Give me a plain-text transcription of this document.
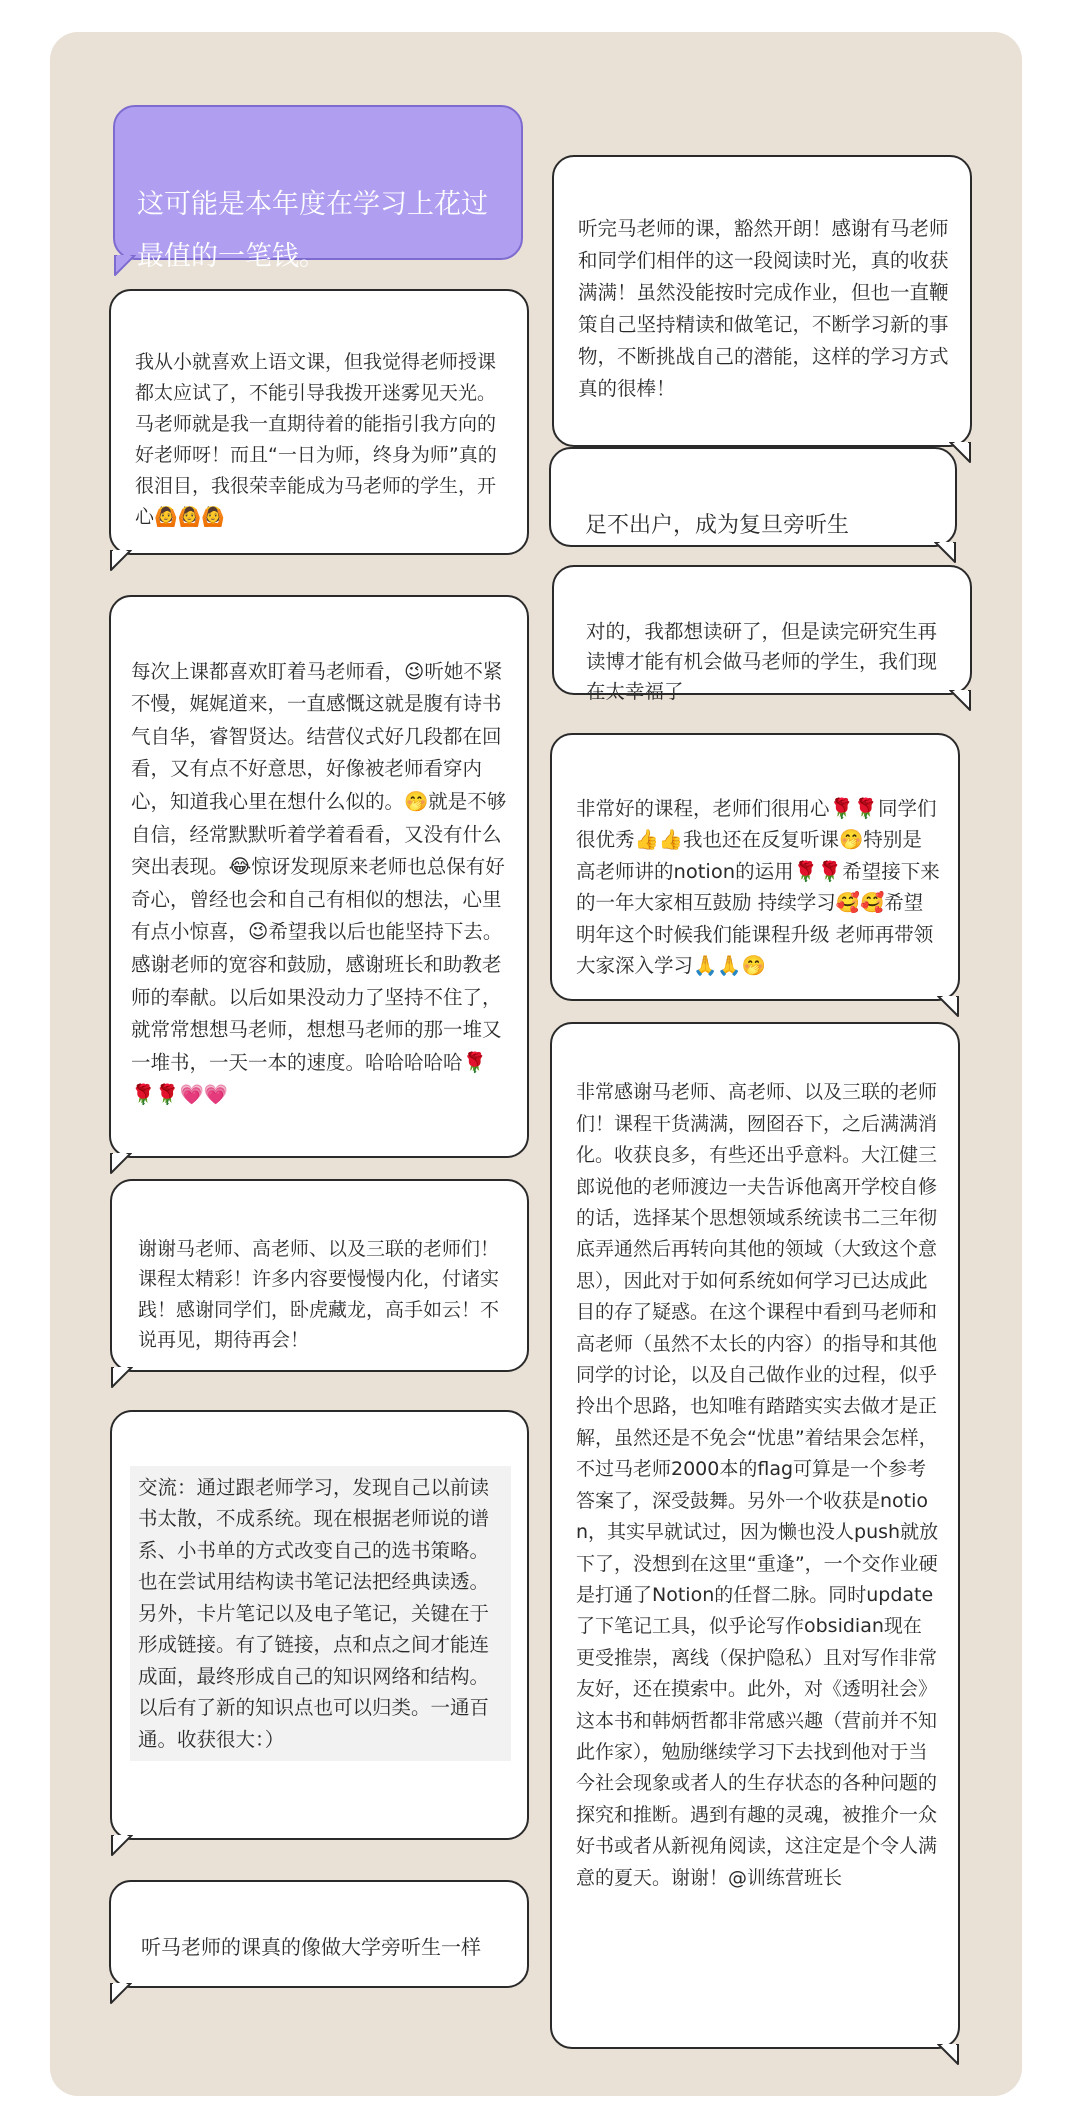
这可能是本年度在学习上花过最值的一笔钱。

我从小就喜欢上语文课，但我觉得老师授课都太应试了，不能引导我拨开迷雾见天光。马老师就是我一直期待着的能指引我方向的好老师呀！而且“一日为师，终身为师”真的很泪目，我很荣幸能成为马老师的学生，开心🙆🙆🙆

每次上课都喜欢盯着马老师看，😉听她不紧不慢，娓娓道来，一直感慨这就是腹有诗书气自华，睿智贤达。结营仪式好几段都在回看，又有点不好意思，好像被老师看穿内心，知道我心里在想什么似的。🤭就是不够自信，经常默默听着学着看看，又没有什么突出表现。😂惊讶发现原来老师也总保有好奇心，曾经也会和自己有相似的想法，心里有点小惊喜，😉希望我以后也能坚持下去。感谢老师的宽容和鼓励，感谢班长和助教老师的奉献。以后如果没动力了坚持不住了，就常常想想马老师，想想马老师的那一堆又一堆书，一天一本的速度。哈哈哈哈哈🌹🌹🌹💗💗

谢谢马老师、高老师、以及三联的老师们！课程太精彩！许多内容要慢慢内化，付诸实践！感谢同学们，卧虎藏龙，高手如云！不说再见，期待再会！

交流：通过跟老师学习，发现自己以前读书太散，不成系统。现在根据老师说的谱系、小书单的方式改变自己的选书策略。也在尝试用结构读书笔记法把经典读透。另外，卡片笔记以及电子笔记，关键在于形成链接。有了链接，点和点之间才能连成面，最终形成自己的知识网络和结构。以后有了新的知识点也可以归类。一通百通。收获很大：）

听马老师的课真的像做大学旁听生一样

听完马老师的课，豁然开朗！感谢有马老师和同学们相伴的这一段阅读时光，真的收获满满！虽然没能按时完成作业，但也一直鞭策自己坚持精读和做笔记，不断学习新的事物，不断挑战自己的潜能，这样的学习方式真的很棒！

足不出户，成为复旦旁听生

对的，我都想读研了，但是读完研究生再读博才能有机会做马老师的学生，我们现在太幸福了

非常好的课程，老师们很用心🌹🌹同学们很优秀👍👍我也还在反复听课🤭特别是高老师讲的notion的运用🌹🌹希望接下来的一年大家相互鼓励 持续学习🥰🥰希望明年这个时候我们能课程升级 老师再带领大家深入学习🙏🙏🤭

非常感谢马老师、高老师、以及三联的老师们！课程干货满满，囫囵吞下，之后满满消化。收获良多，有些还出乎意料。大江健三郎说他的老师渡边一夫告诉他离开学校自修的话，选择某个思想领域系统读书二三年彻底弄通然后再转向其他的领域（大致这个意思），因此对于如何系统如何学习已达成此目的存了疑惑。在这个课程中看到马老师和高老师（虽然不太长的内容）的指导和其他同学的讨论，以及自己做作业的过程，似乎拎出个思路，也知唯有踏踏实实去做才是正解，虽然还是不免会“忧患”着结果会怎样，不过马老师2000本的flag可算是一个参考答案了，深受鼓舞。另外一个收获是notion，其实早就试过，因为懒也没人push就放下了，没想到在这里“重逢”，一个交作业硬是打通了Notion的任督二脉。同时update了下笔记工具，似乎论写作obsidian现在更受推崇，离线（保护隐私）且对写作非常友好，还在摸索中。此外，对《透明社会》这本书和韩炳哲都非常感兴趣（营前并不知此作家），勉励继续学习下去找到他对于当今社会现象或者人的生存状态的各种问题的探究和推断。遇到有趣的灵魂，被推介一众好书或者从新视角阅读，这注定是个令人满意的夏天。谢谢！@训练营班长
